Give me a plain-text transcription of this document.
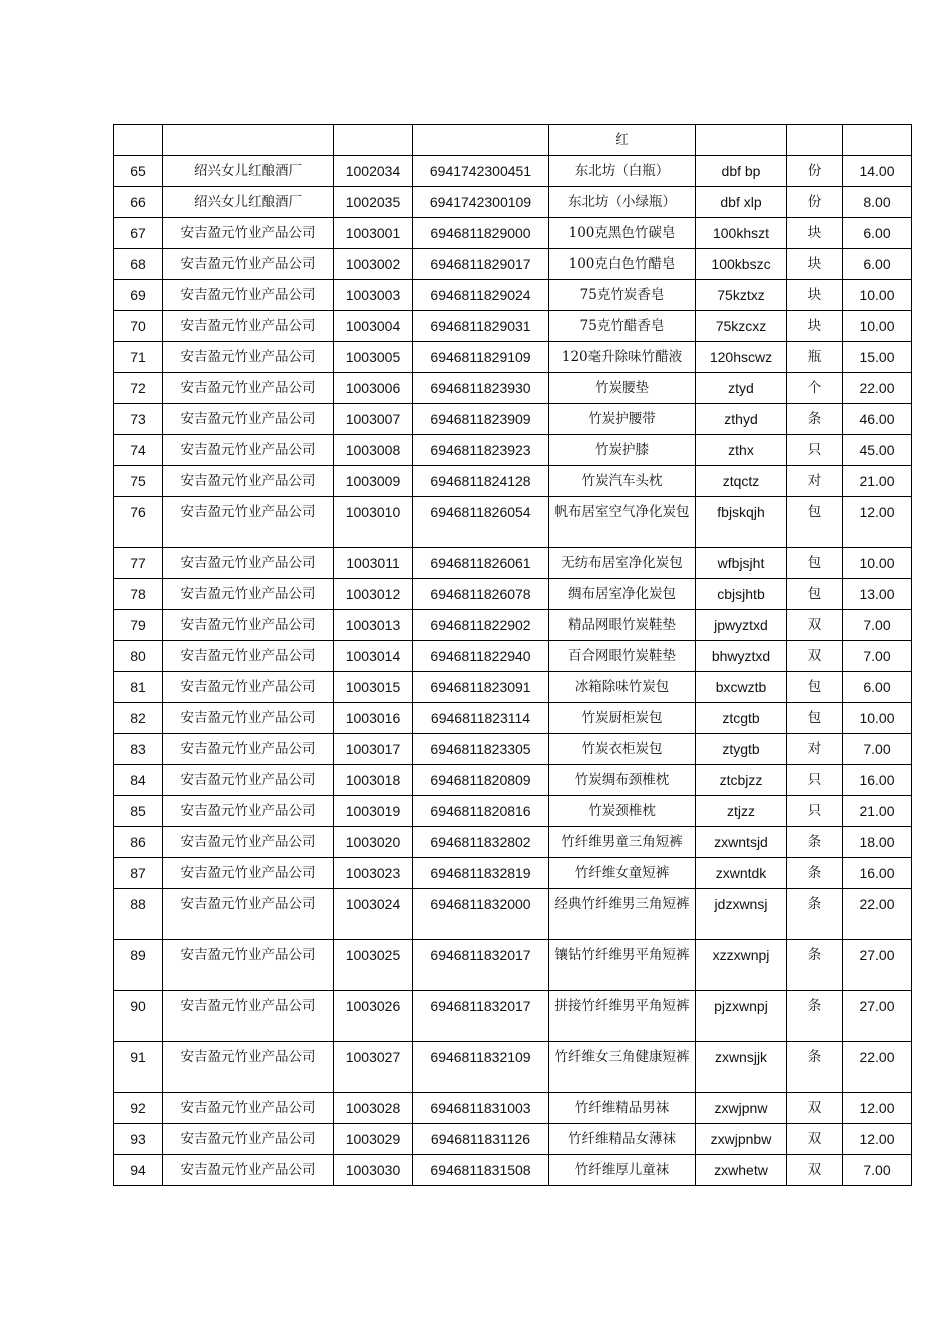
				红			
65	绍兴女儿红酿酒厂	1002034	6941742300451	东北坊（白瓶）	dbf bp	份	14.00
66	绍兴女儿红酿酒厂	1002035	6941742300109	东北坊（小绿瓶）	dbf xlp	份	8.00
67	安吉盈元竹业产品公司	1003001	6946811829000	100克黑色竹碳皂	100khszt	块	6.00
68	安吉盈元竹业产品公司	1003002	6946811829017	100克白色竹醋皂	100kbszc	块	6.00
69	安吉盈元竹业产品公司	1003003	6946811829024	75克竹炭香皂	75kztxz	块	10.00
70	安吉盈元竹业产品公司	1003004	6946811829031	75克竹醋香皂	75kzcxz	块	10.00
71	安吉盈元竹业产品公司	1003005	6946811829109	120毫升除味竹醋液	120hscwz	瓶	15.00
72	安吉盈元竹业产品公司	1003006	6946811823930	竹炭腰垫	ztyd	个	22.00
73	安吉盈元竹业产品公司	1003007	6946811823909	竹炭护腰带	zthyd	条	46.00
74	安吉盈元竹业产品公司	1003008	6946811823923	竹炭护膝	zthx	只	45.00
75	安吉盈元竹业产品公司	1003009	6946811824128	竹炭汽车头枕	ztqctz	对	21.00
76	安吉盈元竹业产品公司	1003010	6946811826054	帆布居室空气净化炭包	fbjskqjh	包	12.00
77	安吉盈元竹业产品公司	1003011	6946811826061	无纺布居室净化炭包	wfbjsjht	包	10.00
78	安吉盈元竹业产品公司	1003012	6946811826078	绸布居室净化炭包	cbjsjhtb	包	13.00
79	安吉盈元竹业产品公司	1003013	6946811822902	精品网眼竹炭鞋垫	jpwyztxd	双	7.00
80	安吉盈元竹业产品公司	1003014	6946811822940	百合网眼竹炭鞋垫	bhwyztxd	双	7.00
81	安吉盈元竹业产品公司	1003015	6946811823091	冰箱除味竹炭包	bxcwztb	包	6.00
82	安吉盈元竹业产品公司	1003016	6946811823114	竹炭厨柜炭包	ztcgtb	包	10.00
83	安吉盈元竹业产品公司	1003017	6946811823305	竹炭衣柜炭包	ztygtb	对	7.00
84	安吉盈元竹业产品公司	1003018	6946811820809	竹炭绸布颈椎枕	ztcbjzz	只	16.00
85	安吉盈元竹业产品公司	1003019	6946811820816	竹炭颈椎枕	ztjzz	只	21.00
86	安吉盈元竹业产品公司	1003020	6946811832802	竹纤维男童三角短裤	zxwntsjd	条	18.00
87	安吉盈元竹业产品公司	1003023	6946811832819	竹纤维女童短裤	zxwntdk	条	16.00
88	安吉盈元竹业产品公司	1003024	6946811832000	经典竹纤维男三角短裤	jdzxwnsj	条	22.00
89	安吉盈元竹业产品公司	1003025	6946811832017	镶钻竹纤维男平角短裤	xzzxwnpj	条	27.00
90	安吉盈元竹业产品公司	1003026	6946811832017	拼接竹纤维男平角短裤	pjzxwnpj	条	27.00
91	安吉盈元竹业产品公司	1003027	6946811832109	竹纤维女三角健康短裤	zxwnsjjk	条	22.00
92	安吉盈元竹业产品公司	1003028	6946811831003	竹纤维精品男袜	zxwjpnw	双	12.00
93	安吉盈元竹业产品公司	1003029	6946811831126	竹纤维精品女薄袜	zxwjpnbw	双	12.00
94	安吉盈元竹业产品公司	1003030	6946811831508	竹纤维厚儿童袜	zxwhetw	双	7.00
